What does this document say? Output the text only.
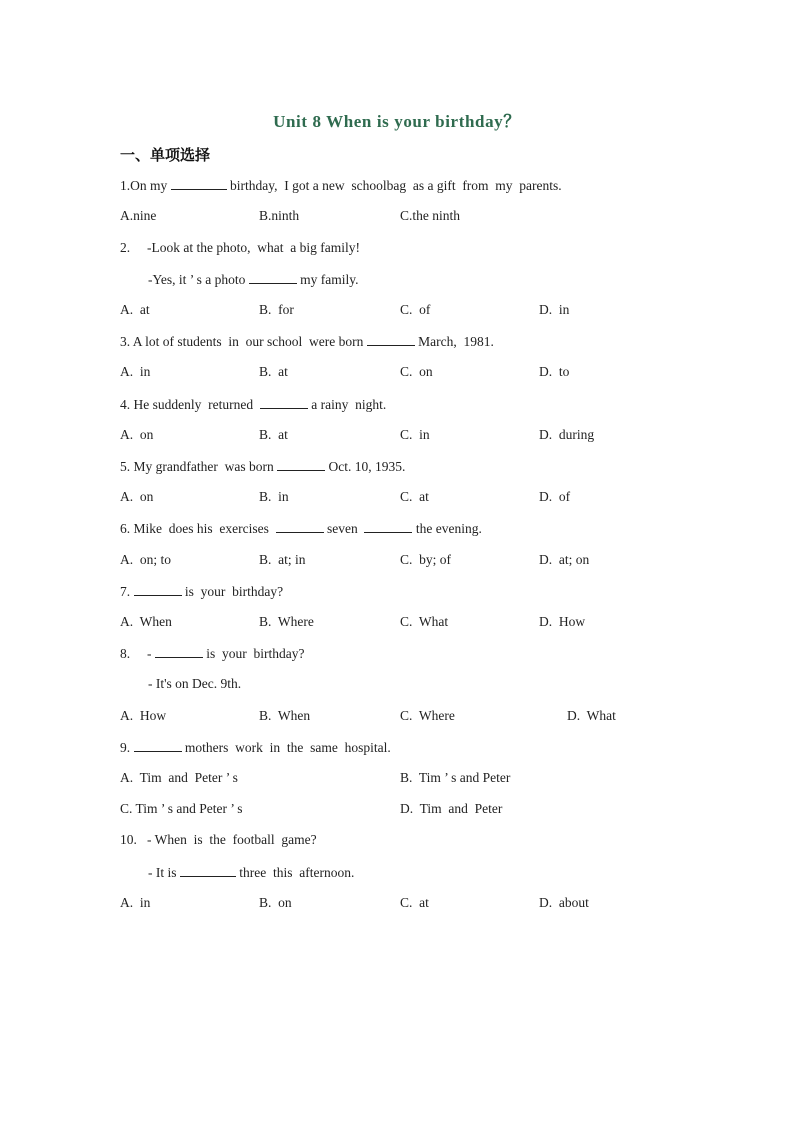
Unit 8 When is your birthday？
一、单项选择
1.On my	birthday,  I got a new  schoolbag  as a gift  from  my  parents.
A.nine	B.ninth	C.the ninth
2.     -Look at the photo,  what  a big family!
-Yes, it ’ s a photo	my family.
A.  at	B.  for	C.  of	D.  in
3. A lot of students  in  our school  were born	March,  1981.
A.  in	B.  at	C.  on	D.  to
4. He suddenly  returned	a rainy  night.
A.  on	B.  at	C.  in	D.  during
5. My grandfather  was born	Oct. 10, 1935.
A.  on	B.  in	C.  at	D.  of
6. Mike  does his  exercises	seven	the evening.
A.  on; to	B.  at; in	C.  by; of	D.  at; on
7.	is  your  birthday?
A.  When	B.  Where	C.  What	D.  How
8.     -	is  your  birthday?
- It's on Dec. 9th.
A.  How	B.  When	C.  Where	D.  What
9.	mothers  work  in  the  same  hospital.
A.  Tim  and  Peter ’ s	B.  Tim ’ s and Peter
C. Tim ’ s and Peter ’ s	D.  Tim  and  Peter
10.   - When  is  the  football  game?
- It is	three  this  afternoon.
A.  in	B.  on	C.  at	D.  about
